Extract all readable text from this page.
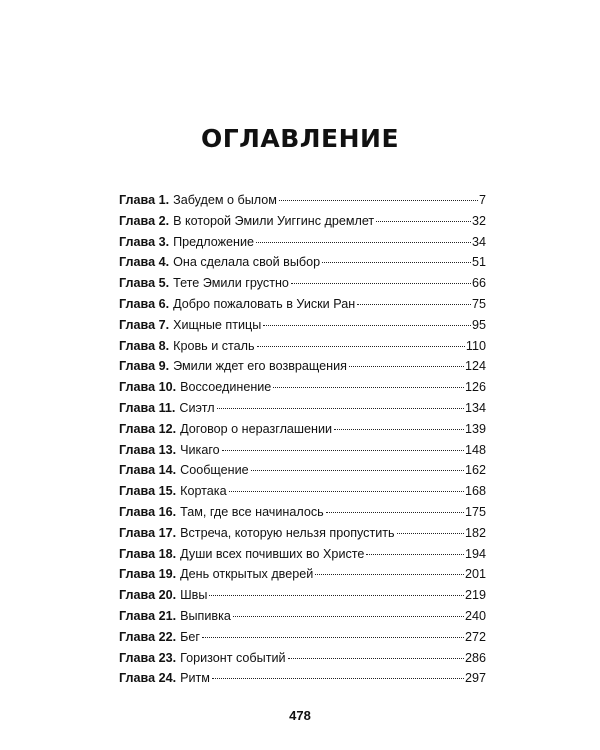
ОГЛАВЛЕНИЕ
Глава 1. Забудем о былом	7
Глава 2. В которой Эмили Уиггинс дремлет	32
Глава 3. Предложение	34
Глава 4. Она сделала свой выбор	51
Глава 5. Тете Эмили грустно	66
Глава 6. Добро пожаловать в Уиски Ран	75
Глава 7. Хищные птицы	95
Глава 8. Кровь и сталь	110
Глава 9. Эмили ждет его возвращения	124
Глава 10. Воссоединение	126
Глава 11. Сиэтл	134
Глава 12. Договор о неразглашении	139
Глава 13. Чикаго	148
Глава 14. Сообщение	162
Глава 15. Кортака	168
Глава 16. Там, где все начиналось	175
Глава 17. Встреча, которую нельзя пропустить	182
Глава 18. Души всех почивших во Христе	194
Глава 19. День открытых дверей	201
Глава 20. Швы	219
Глава 21. Выпивка	240
Глава 22. Бег	272
Глава 23. Горизонт событий	286
Глава 24. Ритм	297
478
